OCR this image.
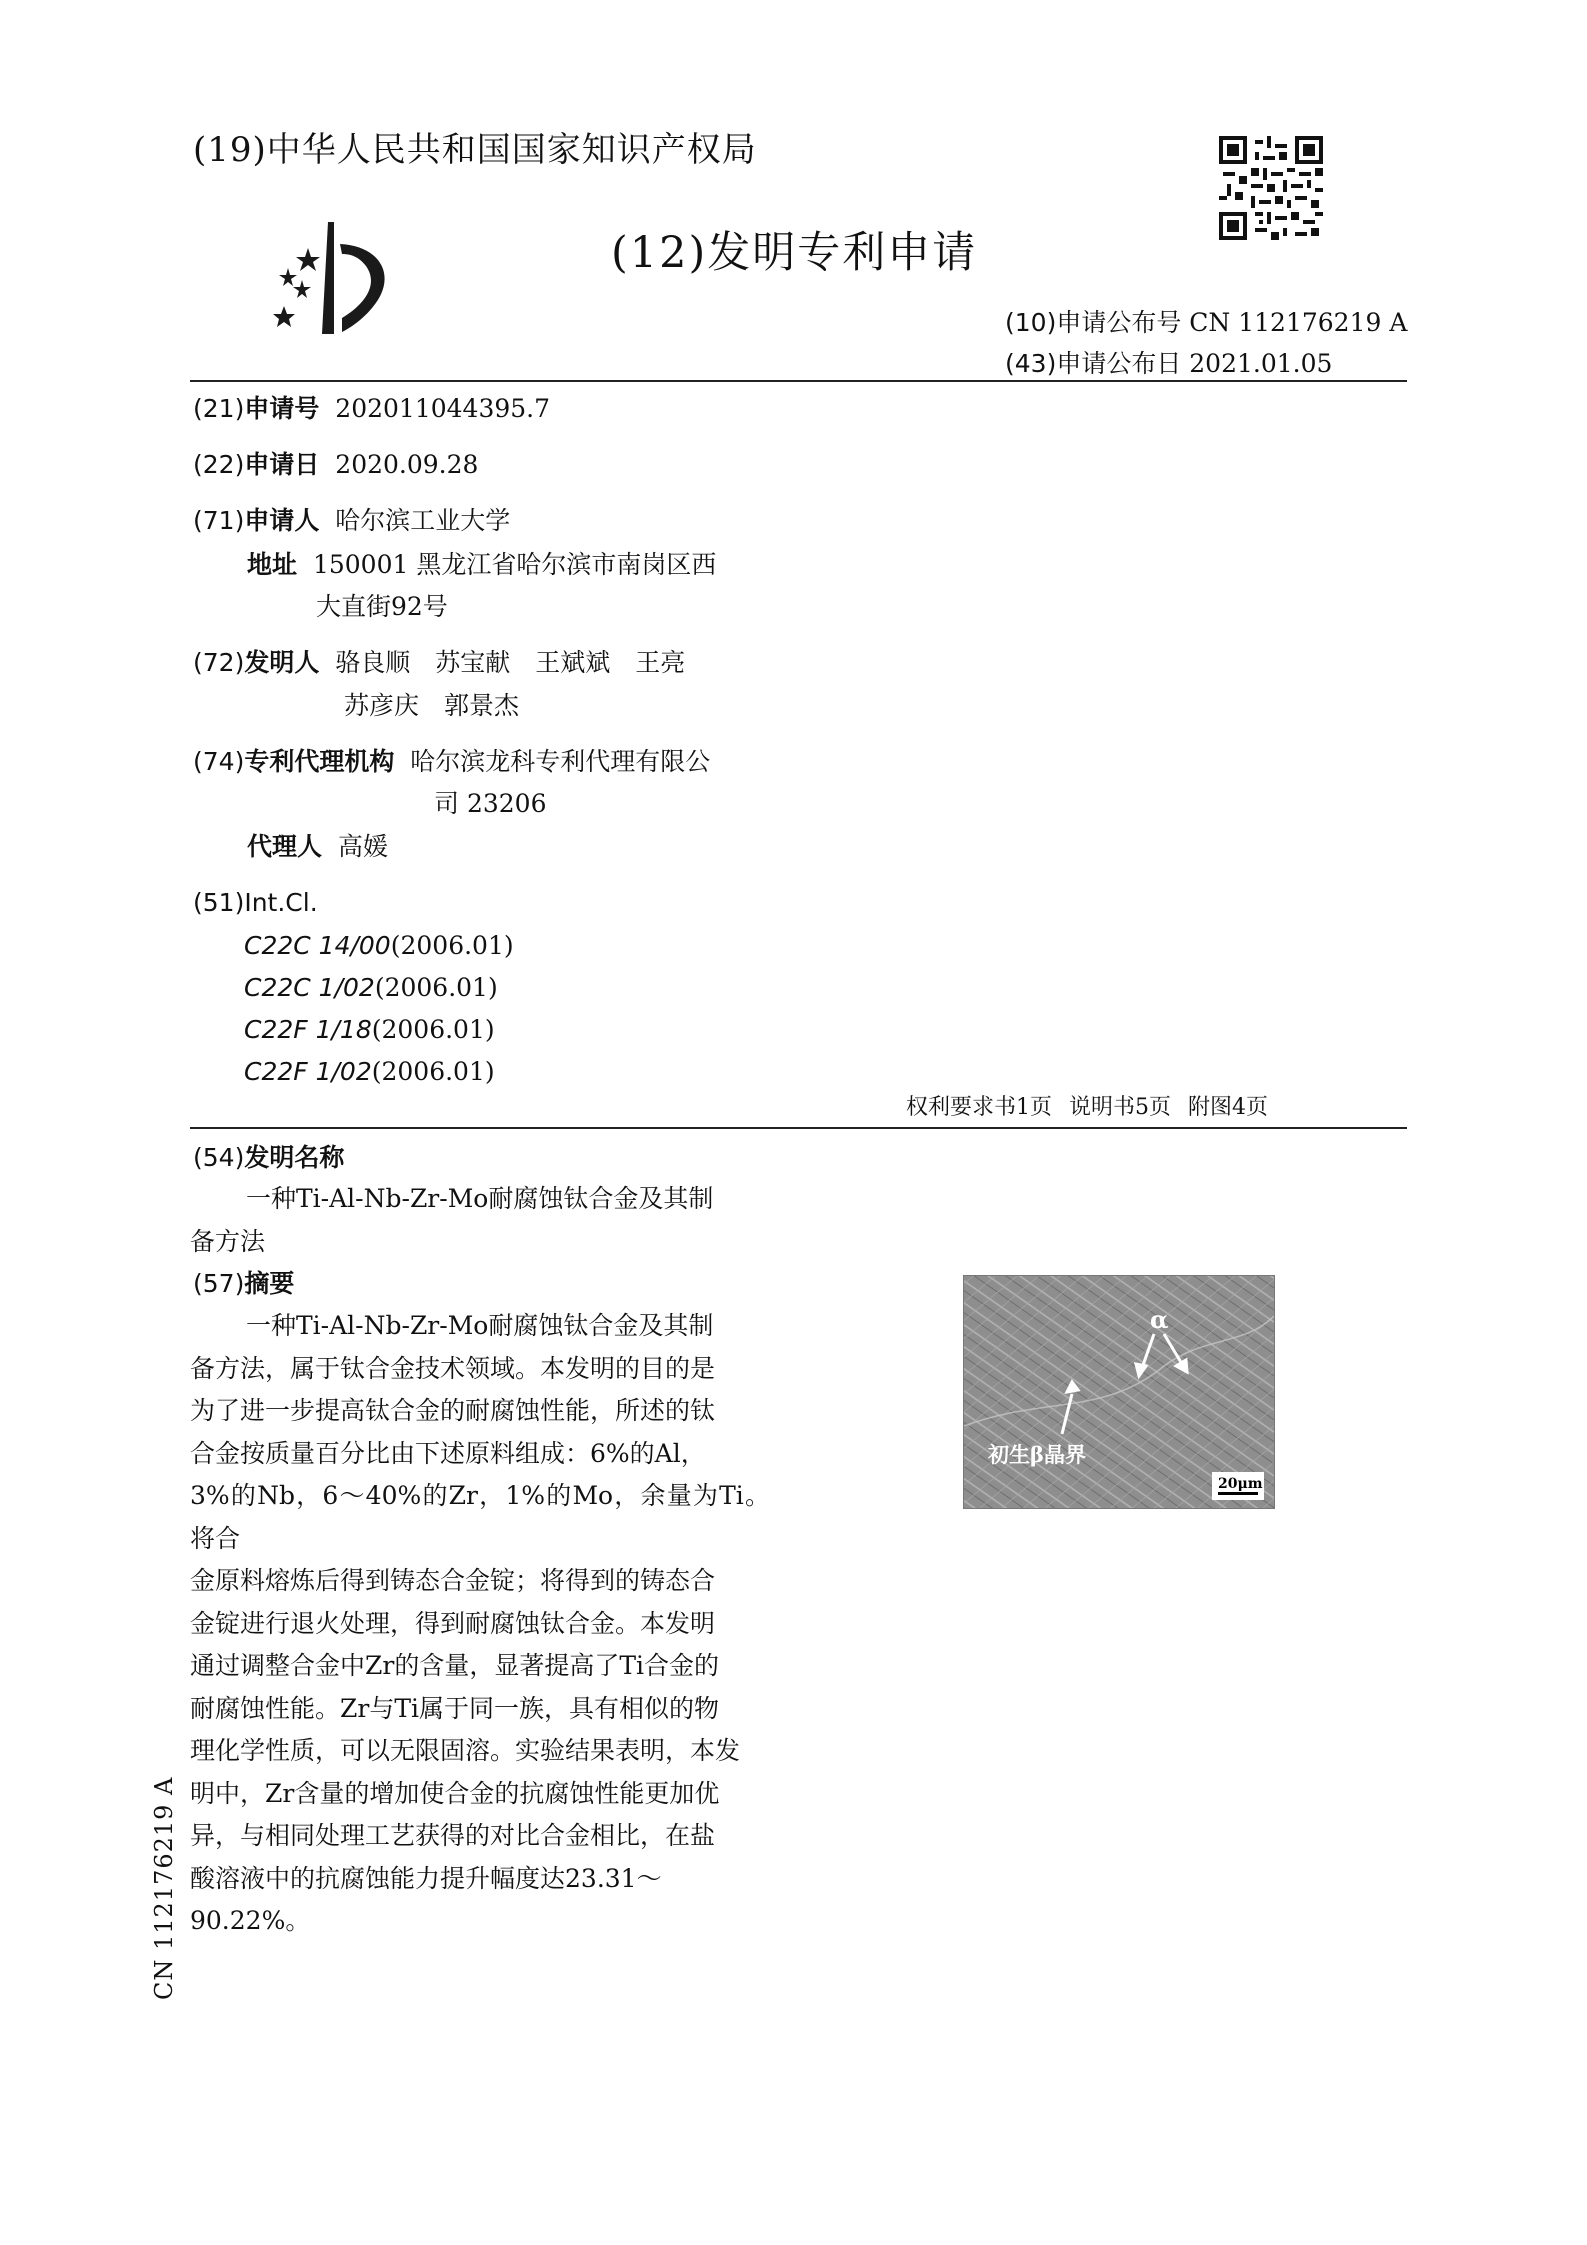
(19)中华人民共和国国家知识产权局
(12)发明专利申请
(10)申请公布号 CN 112176219 A
(43)申请公布日 2021.01.05
(21)申请号 202011044395.7
(22)申请日 2020.09.28
(71)申请人 哈尔滨工业大学
地址 150001 黑龙江省哈尔滨市南岗区西
大直街92号
(72)发明人 骆良顺　苏宝献　王斌斌　王亮
苏彦庆　郭景杰
(74)专利代理机构 哈尔滨龙科专利代理有限公
司 23206
代理人 高媛
(51)Int.Cl.
C22C 14/00(2006.01)
C22C 1/02(2006.01)
C22F 1/18(2006.01)
C22F 1/02(2006.01)
权利要求书1页 说明书5页 附图4页
(54)发明名称
一种Ti-Al-Nb-Zr-Mo耐腐蚀钛合金及其制
备方法
(57)摘要
一种Ti-Al-Nb-Zr-Mo耐腐蚀钛合金及其制
备方法，属于钛合金技术领域。本发明的目的是
为了进一步提高钛合金的耐腐蚀性能，所述的钛
合金按质量百分比由下述原料组成：6%的Al，
3%的Nb，6～40%的Zr，1%的Mo，余量为Ti。将合
金原料熔炼后得到铸态合金锭；将得到的铸态合
金锭进行退火处理，得到耐腐蚀钛合金。本发明
通过调整合金中Zr的含量，显著提高了Ti合金的
耐腐蚀性能。Zr与Ti属于同一族，具有相似的物
理化学性质，可以无限固溶。实验结果表明，本发
明中，Zr含量的增加使合金的抗腐蚀性能更加优
异，与相同处理工艺获得的对比合金相比，在盐
酸溶液中的抗腐蚀能力提升幅度达23.31～
90.22%。
CN 112176219 A
α
初生β晶界
20μm
